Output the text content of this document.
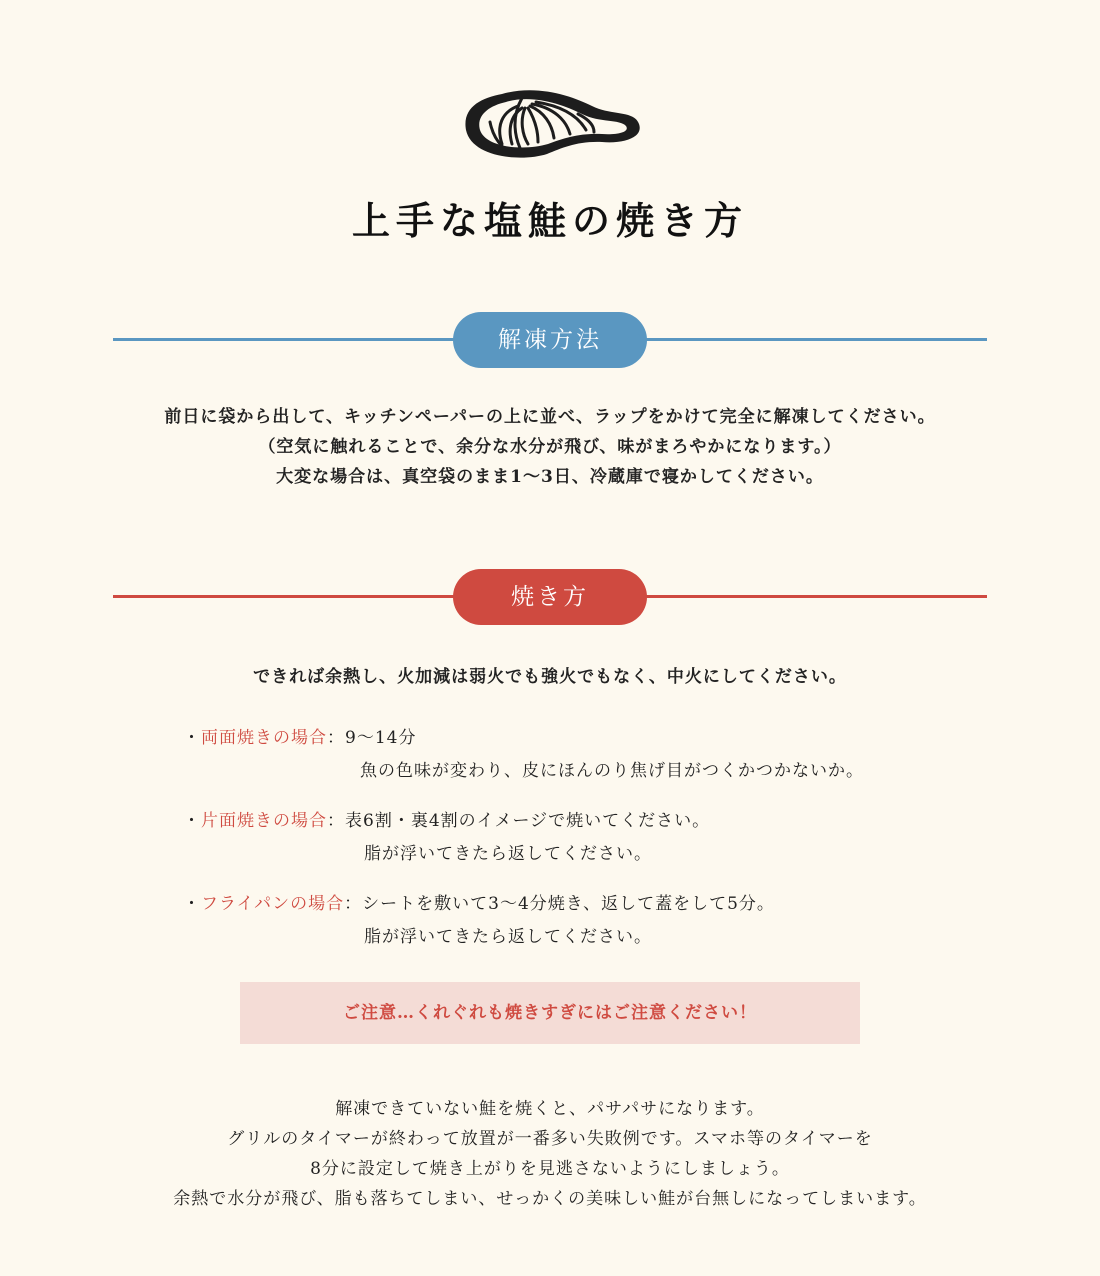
上手な塩鮭の焼き方
解凍方法

前日に袋から出して、キッチンペーパーの上に並べ、ラップをかけて完全に解凍してください。

（空気に触れることで、余分な水分が飛び、味がまろやかになります。）

大変な場合は、真空袋のまま1〜3日、冷蔵庫で寝かしてください。

焼き方

できれば余熱し、火加減は弱火でも強火でもなく、中火にしてください。

・両面焼きの場合：9〜14分
魚の色味が変わり、皮にほんのり焦げ目がつくかつかないか。
・片面焼きの場合：表6割・裏4割のイメージで焼いてください。
脂が浮いてきたら返してください。
・フライパンの場合：シートを敷いて3〜4分焼き、返して蓋をして5分。
脂が浮いてきたら返してください。
ご注意…くれぐれも焼きすぎにはご注意ください！

解凍できていない鮭を焼くと、パサパサになります。

グリルのタイマーが終わって放置が一番多い失敗例です。スマホ等のタイマーを

8分に設定して焼き上がりを見逃さないようにしましょう。

余熱で水分が飛び、脂も落ちてしまい、せっかくの美味しい鮭が台無しになってしまいます。
